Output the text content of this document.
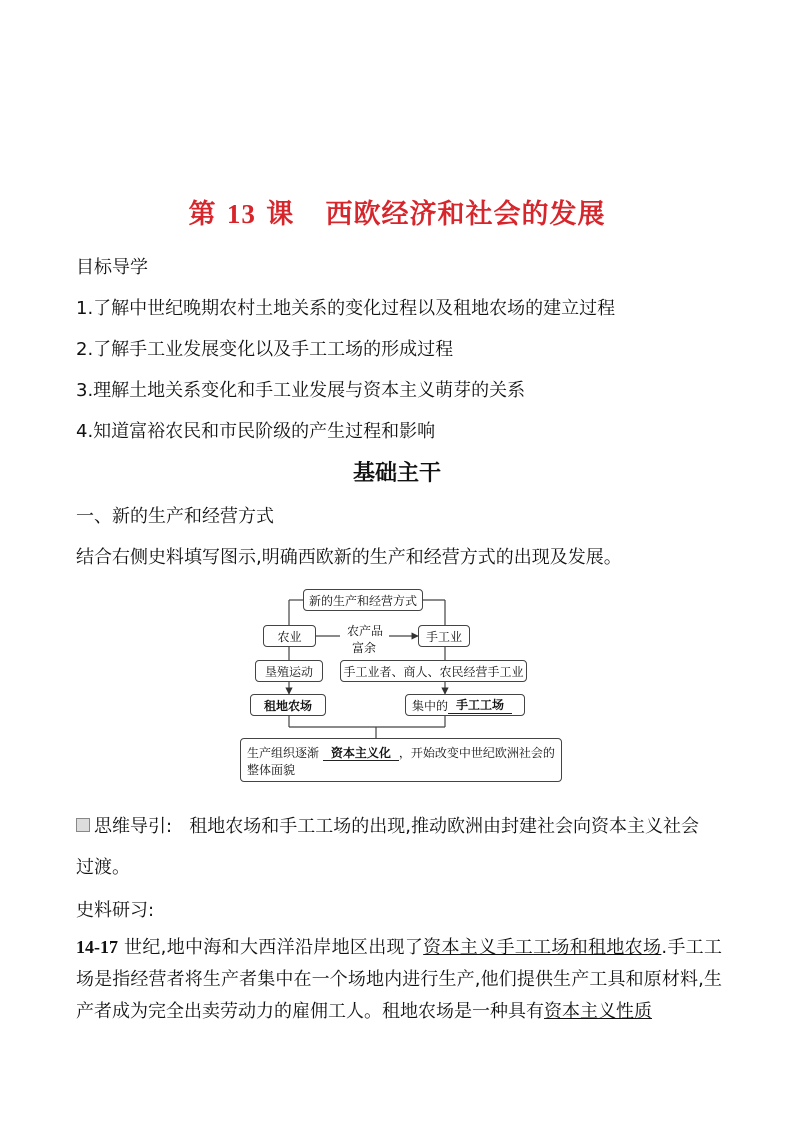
第 13 课 西欧经济和社会的发展

目标导学

1.了解中世纪晚期农村土地关系的变化过程以及租地农场的建立过程

2.了解手工业发展变化以及手工工场的形成过程

3.理解土地关系变化和手工业发展与资本主义萌芽的关系

4.知道富裕农民和市民阶级的产生过程和影响

基础主干

一、新的生产和经营方式

结合右侧史料填写图示,明确西欧新的生产和经营方式的出现及发展。

新的生产和经营方式
农业	手工业
农产品
富余
垦殖运动	手工业者、商人、农民经营手工业
租地农场	集中的 手工工场
生产组织逐渐 资本主义化 ，开始改变中世纪欧洲社会的
整体面貌

思维导引: 租地农场和手工工场的出现,推动欧洲由封建社会向资本主义社会

过渡。

史料研习:

14-17 世纪,地中海和大西洋沿岸地区出现了资本主义手工工场和租地农场.手工工场是指经营者将生产者集中在一个场地内进行生产,他们提供生产工具和原材料,生产者成为完全出卖劳动力的雇佣工人。租地农场是一种具有资本主义性质
